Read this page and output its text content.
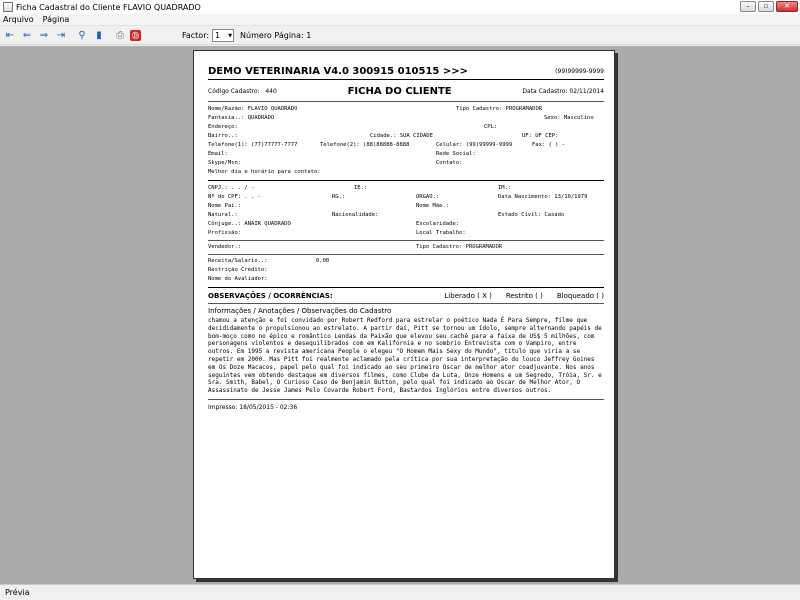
Ficha Cadastral do Cliente FLAVIO QUADRADO	–	▫	✕
Arquivo Página
⇤ ⇐ ⇒ ⇥	⚲	▮	⎙	Ⓓ	Factor: 1 ▼ Número Página: 1
DEMO VETERINARIA V4.0 300915 010515 >>>	(99)99999-9999
Código Cadastro: 440	FICHA DO CLIENTE	Data Cadastro: 02/11/2014
Nome/Razão: FLAVIO QUADRADO	Tipo Cadastro: PROGRAMADOR
Fantasia..: QUADRADO	Sexo: Masculino
Endereço:	CPL:
Bairro..:	Cidade.: SUA CIDADE	UF: UF CEP:
Telefone(1): (77)77777-7777	Telefone(2): (88)88888-8888	Celular: (99)99999-9999	Fax: ( ) -
Email:	Rede Social:
Skype/Msn:	Contato:
Melhor dia e horário para contato:
CNPJ.: . . / -	IE.:	IM.:
Nº do CPF: . . -	RG.:	ORGAO.:	Data Nascimento: 13/10/1979
Nome Pai.:	Nome Mãe.:
Natural.:	Nacionalidade:	Estado Civil: Casado
Cônjuge..: ANAIR QUADRADO	Escolaridade:
Profissão:	Local Trabalho:
Vendedor.:	Tipo Cadastro: PROGRAMADOR
Receita/Salario..:	0,00
Restrição Crédito:
Nome do Avaliador:
OBSERVAÇÕES / OCORRÊNCIAS:	Liberado ( X ) Restrito ( ) Bloqueado ( )
Informações / Anotações / Observações do Cadastro
chamou a atenção e foi convidado por Robert Redford para estrelar o poético Nada É Para Sempre, filme que decididamente o propulsionou ao estrelato. A partir daí, Pitt se tornou um ídolo, sempre alternando papéis de bom-moço como no épico e romântico Lendas da Paixão que elevou seu cachê para a faixa de US$ 5 milhões, com personagens violentos e desequilibrados com em Kalifornia e no sombrio Entrevista com o Vampiro, entre outros. Em 1995 a revista americana People o elegeu "O Homem Mais Sexy do Mundo", título que viria a se repetir em 2000. Mas Pitt foi realmente aclamado pela crítica por sua interpretação do louco Jeffrey Goines em Os Doze Macacos, papel pelo qual foi indicado ao seu primeiro Oscar de melhor ator coadjuvante. Nos anos seguintes vem obtendo destaque em diversos filmes, como Clube da Luta, Onze Homens e um Segredo, Tróia, Sr. e Sra. Smith, Babel, O Curioso Caso de Benjamin Button, pelo qual foi indicado ao Oscar de Melhor Ator, O Assassinato de Jesse James Pelo Covarde Robert Ford, Bastardos Inglórios entre diversos outros.
Impresso: 18/05/2015 - 02:36
Prévia
